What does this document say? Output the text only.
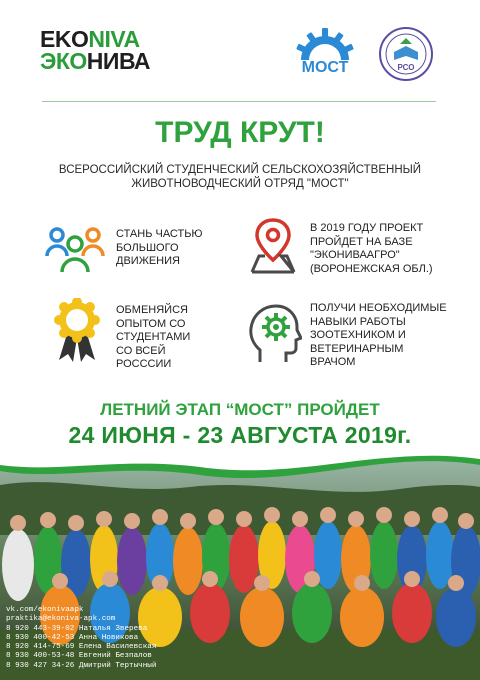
EKONIVA
ЭКОНИВА	МОСТ	РСО
ТРУД КРУТ!
ВСЕРОССИЙСКИЙ СТУДЕНЧЕСКИЙ СЕЛЬСКОХОЗЯЙСТВЕННЫЙ
ЖИВОТНОВОДЧЕСКИЙ ОТРЯД "МОСТ"
СТАНЬ ЧАСТЬЮ
БОЛЬШОГО
ДВИЖЕНИЯ
В 2019 ГОДУ ПРОЕКТ
ПРОЙДЕТ НА БАЗЕ
"ЭКОНИВААГРО"
(ВОРОНЕЖСКАЯ ОБЛ.)
ОБМЕНЯЙСЯ
ОПЫТОМ СО
СТУДЕНТАМИ
СО ВСЕЙ
РОССCИИ
ПОЛУЧИ НЕОБХОДИМЫЕ
НАВЫКИ РАБОТЫ
ЗООТЕХНИКОМ И
ВЕТЕРИНАРНЫМ
ВРАЧОМ
ЛЕТНИЙ ЭТАП “МОСТ” ПРОЙДЕТ
24 ИЮНЯ - 23 АВГУСТА 2019г.
vk.com/ekonivaapk
praktika@ekoniva-apk.com
8 920 443-39-02 Наталья Зверева
8 930 400-42-53 Анна Новикова
8 920 414-75-69 Елена Василевская
8 930 400-53-48 Евгений Безпалов
8 930 427 34-26 Дмитрий Тертычный
